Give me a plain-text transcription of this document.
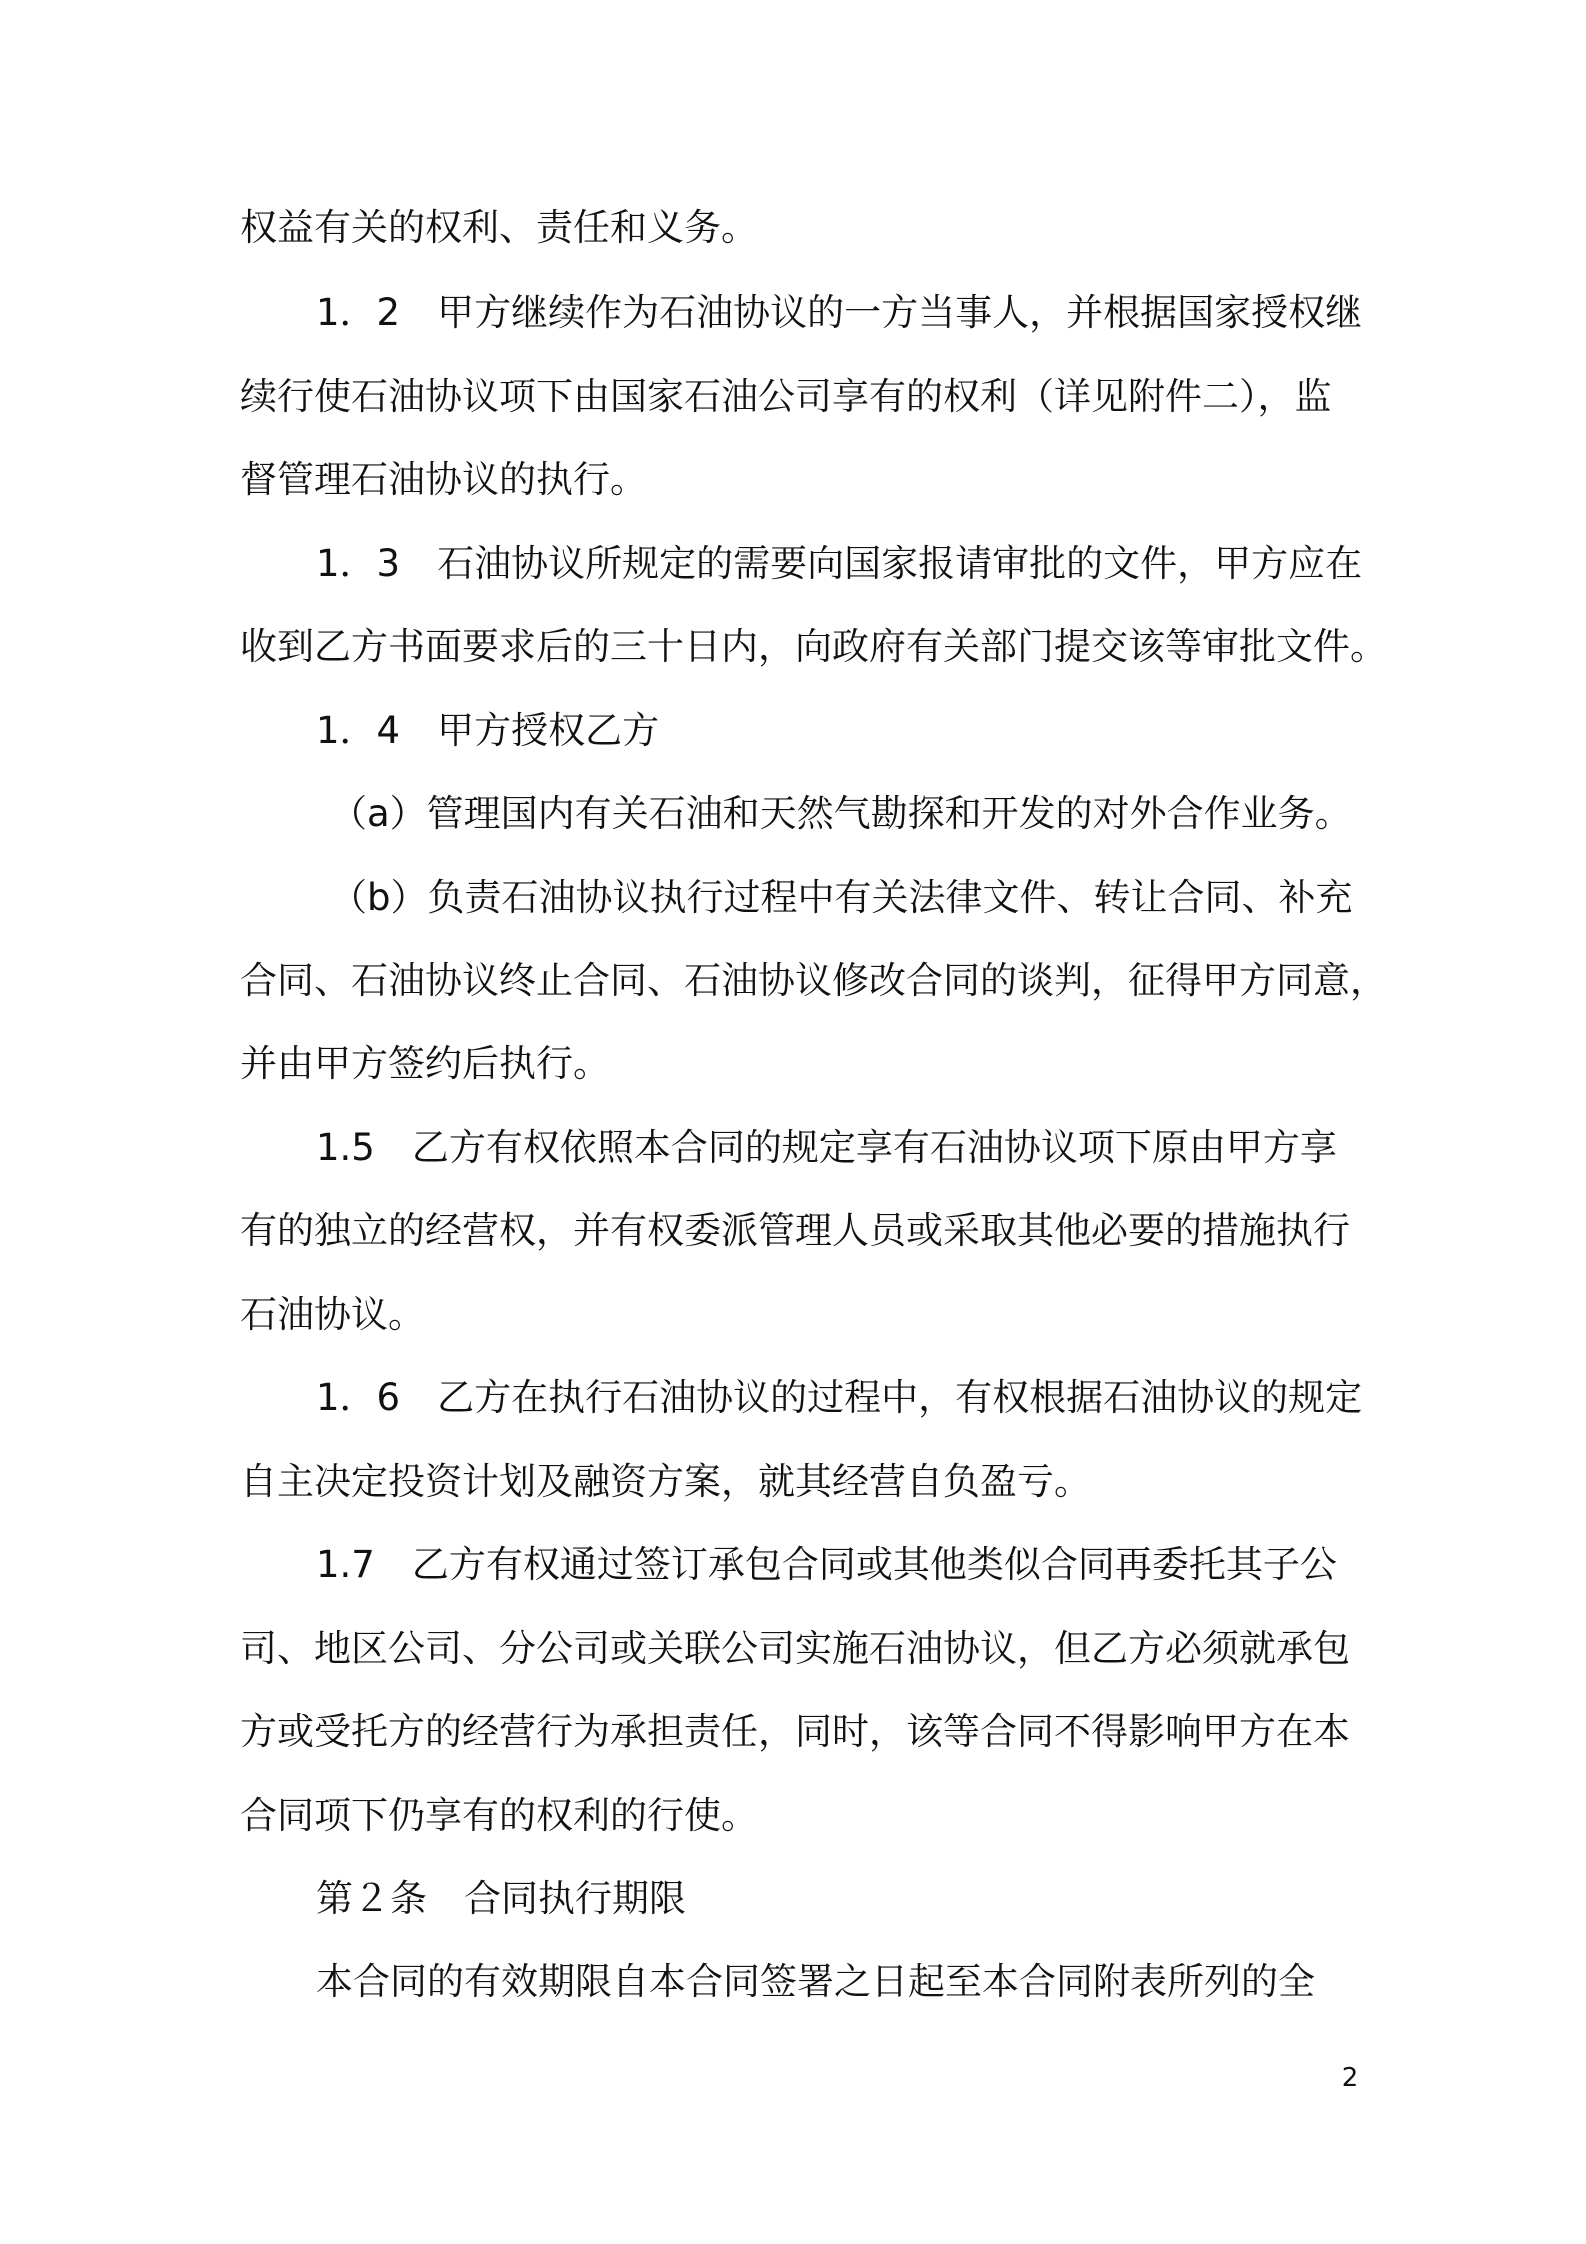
权益有关的权利、责任和义务。
1．2　甲方继续作为石油协议的一方当事人，并根据国家授权继
续行使石油协议项下由国家石油公司享有的权利（详见附件二），监
督管理石油协议的执行。
1．3　石油协议所规定的需要向国家报请审批的文件，甲方应在
收到乙方书面要求后的三十日内，向政府有关部门提交该等审批文件。
1．4　甲方授权乙方
（a）管理国内有关石油和天然气勘探和开发的对外合作业务。
（b）负责石油协议执行过程中有关法律文件、转让合同、补充
合同、石油协议终止合同、石油协议修改合同的谈判，征得甲方同意，
并由甲方签约后执行。
1.5　乙方有权依照本合同的规定享有石油协议项下原由甲方享
有的独立的经营权，并有权委派管理人员或采取其他必要的措施执行
石油协议。
1．6　乙方在执行石油协议的过程中，有权根据石油协议的规定
自主决定投资计划及融资方案，就其经营自负盈亏。
1.7　乙方有权通过签订承包合同或其他类似合同再委托其子公
司、地区公司、分公司或关联公司实施石油协议，但乙方必须就承包
方或受托方的经营行为承担责任，同时，该等合同不得影响甲方在本
合同项下仍享有的权利的行使。
第２条　合同执行期限
本合同的有效期限自本合同签署之日起至本合同附表所列的全
2
